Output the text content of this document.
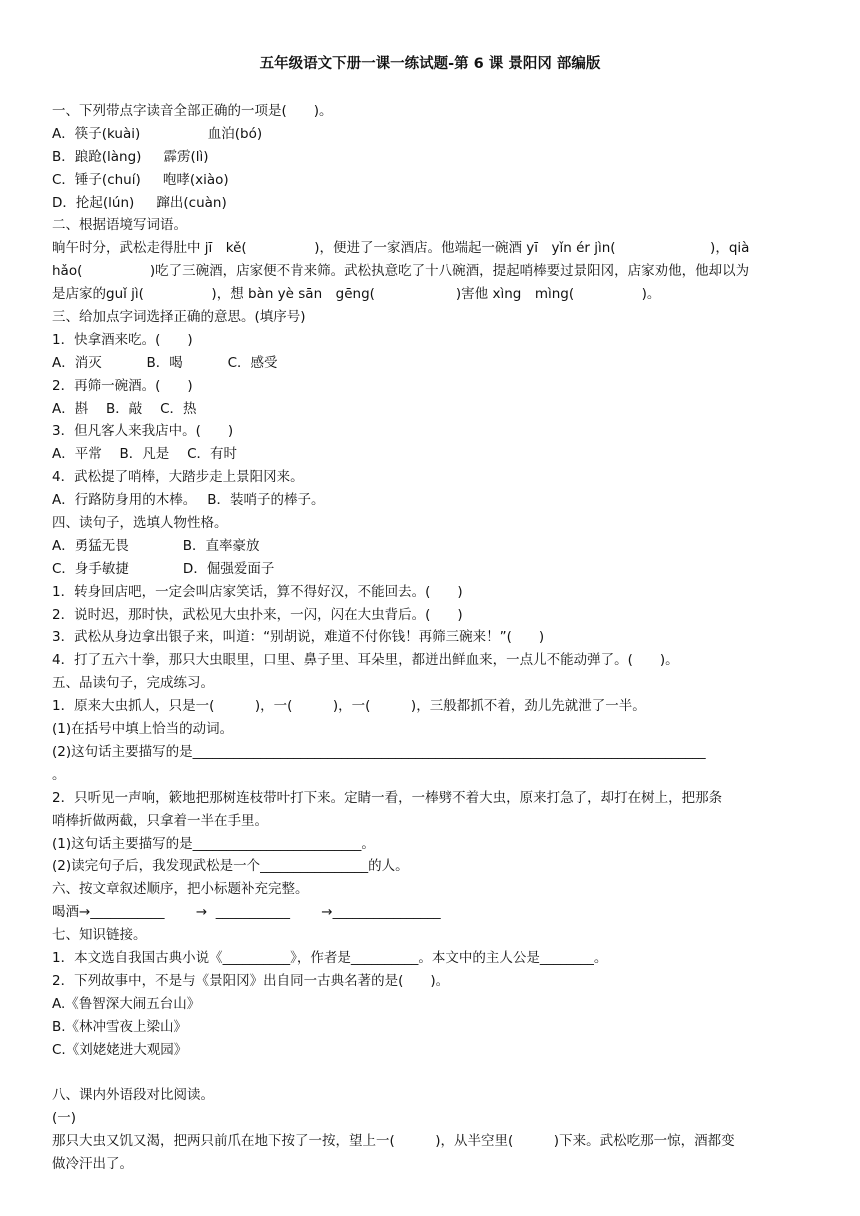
五年级语文下册一课一练试题-第 6 课 景阳冈 部编版
一、下列带点字读音全部正确的一项是(　　)。
A．筷子(kuài)　　　　　血泊(bó)
B．踉跄(làng)　  霹雳(lì)
C．锤子(chuí)　  咆哮(xiào)
D．抡起(lún)　  蹿出(cuàn)
二、根据语境写词语。
晌午时分，武松走得肚中 jī　kě(　　　　　)，便进了一家酒店。他端起一碗酒 yī　yǐn ér jìn(　　　　　　　)，qià
hǎo(　　　　　)吃了三碗酒，店家便不肯来筛。武松执意吃了十八碗酒，提起哨棒要过景阳冈，店家劝他，他却以为
是店家的guǐ jì(　　　　　)，想 bàn yè sān　gēng(　　　　　　)害他 xìng　mìng(　　　　　)。
三、给加点字词选择正确的意思。(填序号)
1．快拿酒来吃。(　　)
A．消灭　　　 B．喝　　　 C．感受
2．再筛一碗酒。(　　)
A．斟　 B．敲　 C．热
3．但凡客人来我店中。(　　)
A．平常　 B．凡是　 C．有时
4．武松提了哨棒，大踏步走上景阳冈来。
A．行路防身用的木棒。　 B．装哨子的棒子。
四、读句子，选填人物性格。
A．勇猛无畏　　　　B．直率豪放
C．身手敏捷　　　　D．倔强爱面子
1．转身回店吧，一定会叫店家笑话，算不得好汉，不能回去。(　　)
2．说时迟，那时快，武松见大虫扑来，一闪，闪在大虫背后。(　　)
3．武松从身边拿出银子来，叫道：“别胡说，难道不付你钱！再筛三碗来！”(　　)
4．打了五六十拳，那只大虫眼里，口里、鼻子里、耳朵里，都迸出鲜血来，一点儿不能动弹了。(　　)。
五、品读句子，完成练习。
1．原来大虫抓人，只是一(　　　)，一(　　　)，一(　　　)，三般都抓不着，劲儿先就泄了一半。
(1)在括号中填上恰当的动词。
(2)这句话主要描写的是____________________________________________________________________________
。
2．只听见一声响，簌地把那树连枝带叶打下来。定睛一看，一棒劈不着大虫，原来打急了，却打在树上，把那条
哨棒折做两截，只拿着一半在手里。
(1)这句话主要描写的是_________________________。
(2)读完句子后，我发现武松是一个________________的人。
六、按文章叙述顺序，把小标题补充完整。
喝酒→___________　　 →  ___________　　 →________________
七、知识链接。
1．本文选自我国古典小说《__________》，作者是__________。本文中的主人公是________。
2．下列故事中，不是与《景阳冈》出自同一古典名著的是(　　)。
A.《鲁智深大闹五台山》
B.《林冲雪夜上梁山》
C.《刘姥姥进大观园》
八、课内外语段对比阅读。
(一)
那只大虫又饥又渴，把两只前爪在地下按了一按，望上一(　　　)，从半空里(　　　)下来。武松吃那一惊，酒都变
做冷汗出了。
